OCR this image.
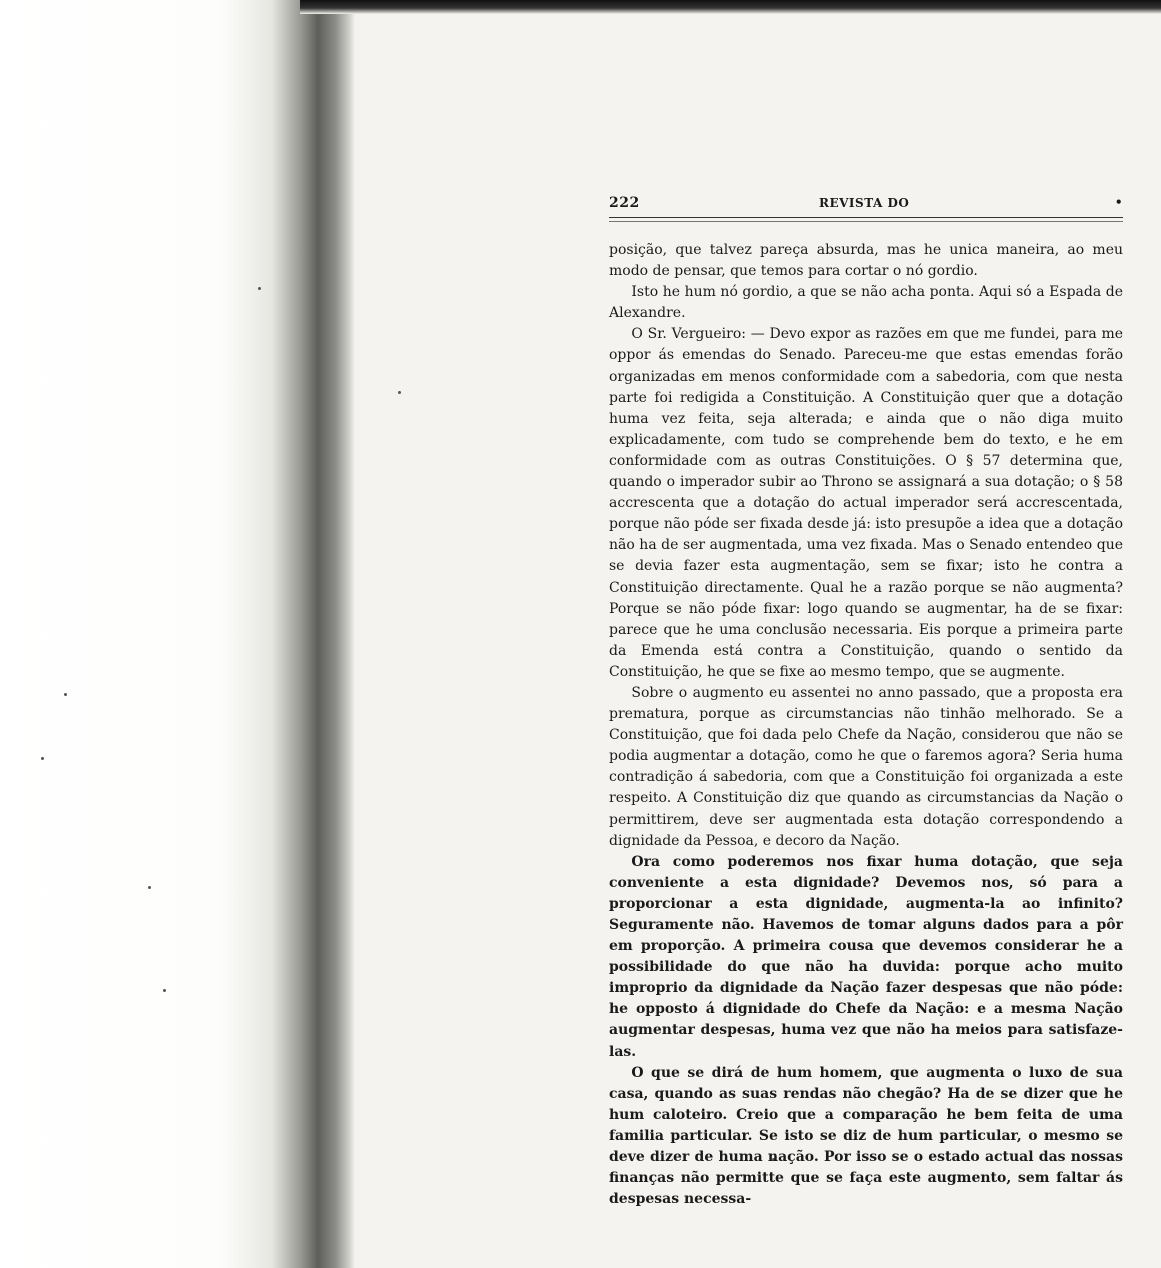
222	REVISTA DO	•

posição, que talvez pareça absurda, mas he unica maneira, ao meu modo de pensar, que temos para cortar o nó gordio.

Isto he hum nó gordio, a que se não acha ponta. Aqui só a Espada de Alexandre.

O Sr. Vergueiro: — Devo expor as razões em que me fundei, para me oppor ás emendas do Senado. Pareceu-me que estas emendas forão organizadas em menos conformidade com a sabedoria, com que nesta parte foi redigida a Constituição. A Constituição quer que a dotação huma vez feita, seja alterada; e ainda que o não diga muito explicadamente, com tudo se comprehende bem do texto, e he em conformidade com as outras Constituições. O § 57 determina que, quando o imperador subir ao Throno se assignará a sua dotação; o § 58 accrescenta que a dotação do actual imperador será accrescentada, porque não póde ser fixada desde já: isto presupõe a idea que a dotação não ha de ser augmentada, uma vez fixada. Mas o Senado entendeo que se devia fazer esta augmentação, sem se fixar; isto he contra a Constituição directamente. Qual he a razão porque se não augmenta? Porque se não póde fixar: logo quando se augmentar, ha de se fixar: parece que he uma conclusão necessaria. Eis porque a primeira parte da Emenda está contra a Constituição, quando o sentido da Constituição, he que se fixe ao mesmo tempo, que se augmente.

Sobre o augmento eu assentei no anno passado, que a proposta era prematura, porque as circumstancias não tinhão melhorado. Se a Constituição, que foi dada pelo Chefe da Nação, considerou que não se podia augmentar a dotação, como he que o faremos agora? Seria huma contradição á sabedoria, com que a Constituição foi organizada a este respeito. A Constituição diz que quando as circumstancias da Nação o permittirem, deve ser augmentada esta dotação correspondendo a dignidade da Pessoa, e decoro da Nação.

Ora como poderemos nos fixar huma dotação, que seja conveniente a esta dignidade? Devemos nos, só para a proporcionar a esta dignidade, augmenta-la ao infinito? Seguramente não. Havemos de tomar alguns dados para a pôr em proporção. A primeira cousa que devemos considerar he a possibilidade do que não ha duvida: porque acho muito improprio da dignidade da Nação fazer despesas que não póde: he opposto á dignidade do Chefe da Nação: e a mesma Nação augmentar despesas, huma vez que não ha meios para satisfaze-las.

O que se dirá de hum homem, que augmenta o luxo de sua casa, quando as suas rendas não chegão? Ha de se dizer que he hum caloteiro. Creio que a comparação he bem feita de uma familia particular. Se isto se diz de hum particular, o mesmo se deve dizer de huma nação. Por isso se o estado actual das nossas finanças não permitte que se faça este augmento, sem faltar ás despesas necessa-
